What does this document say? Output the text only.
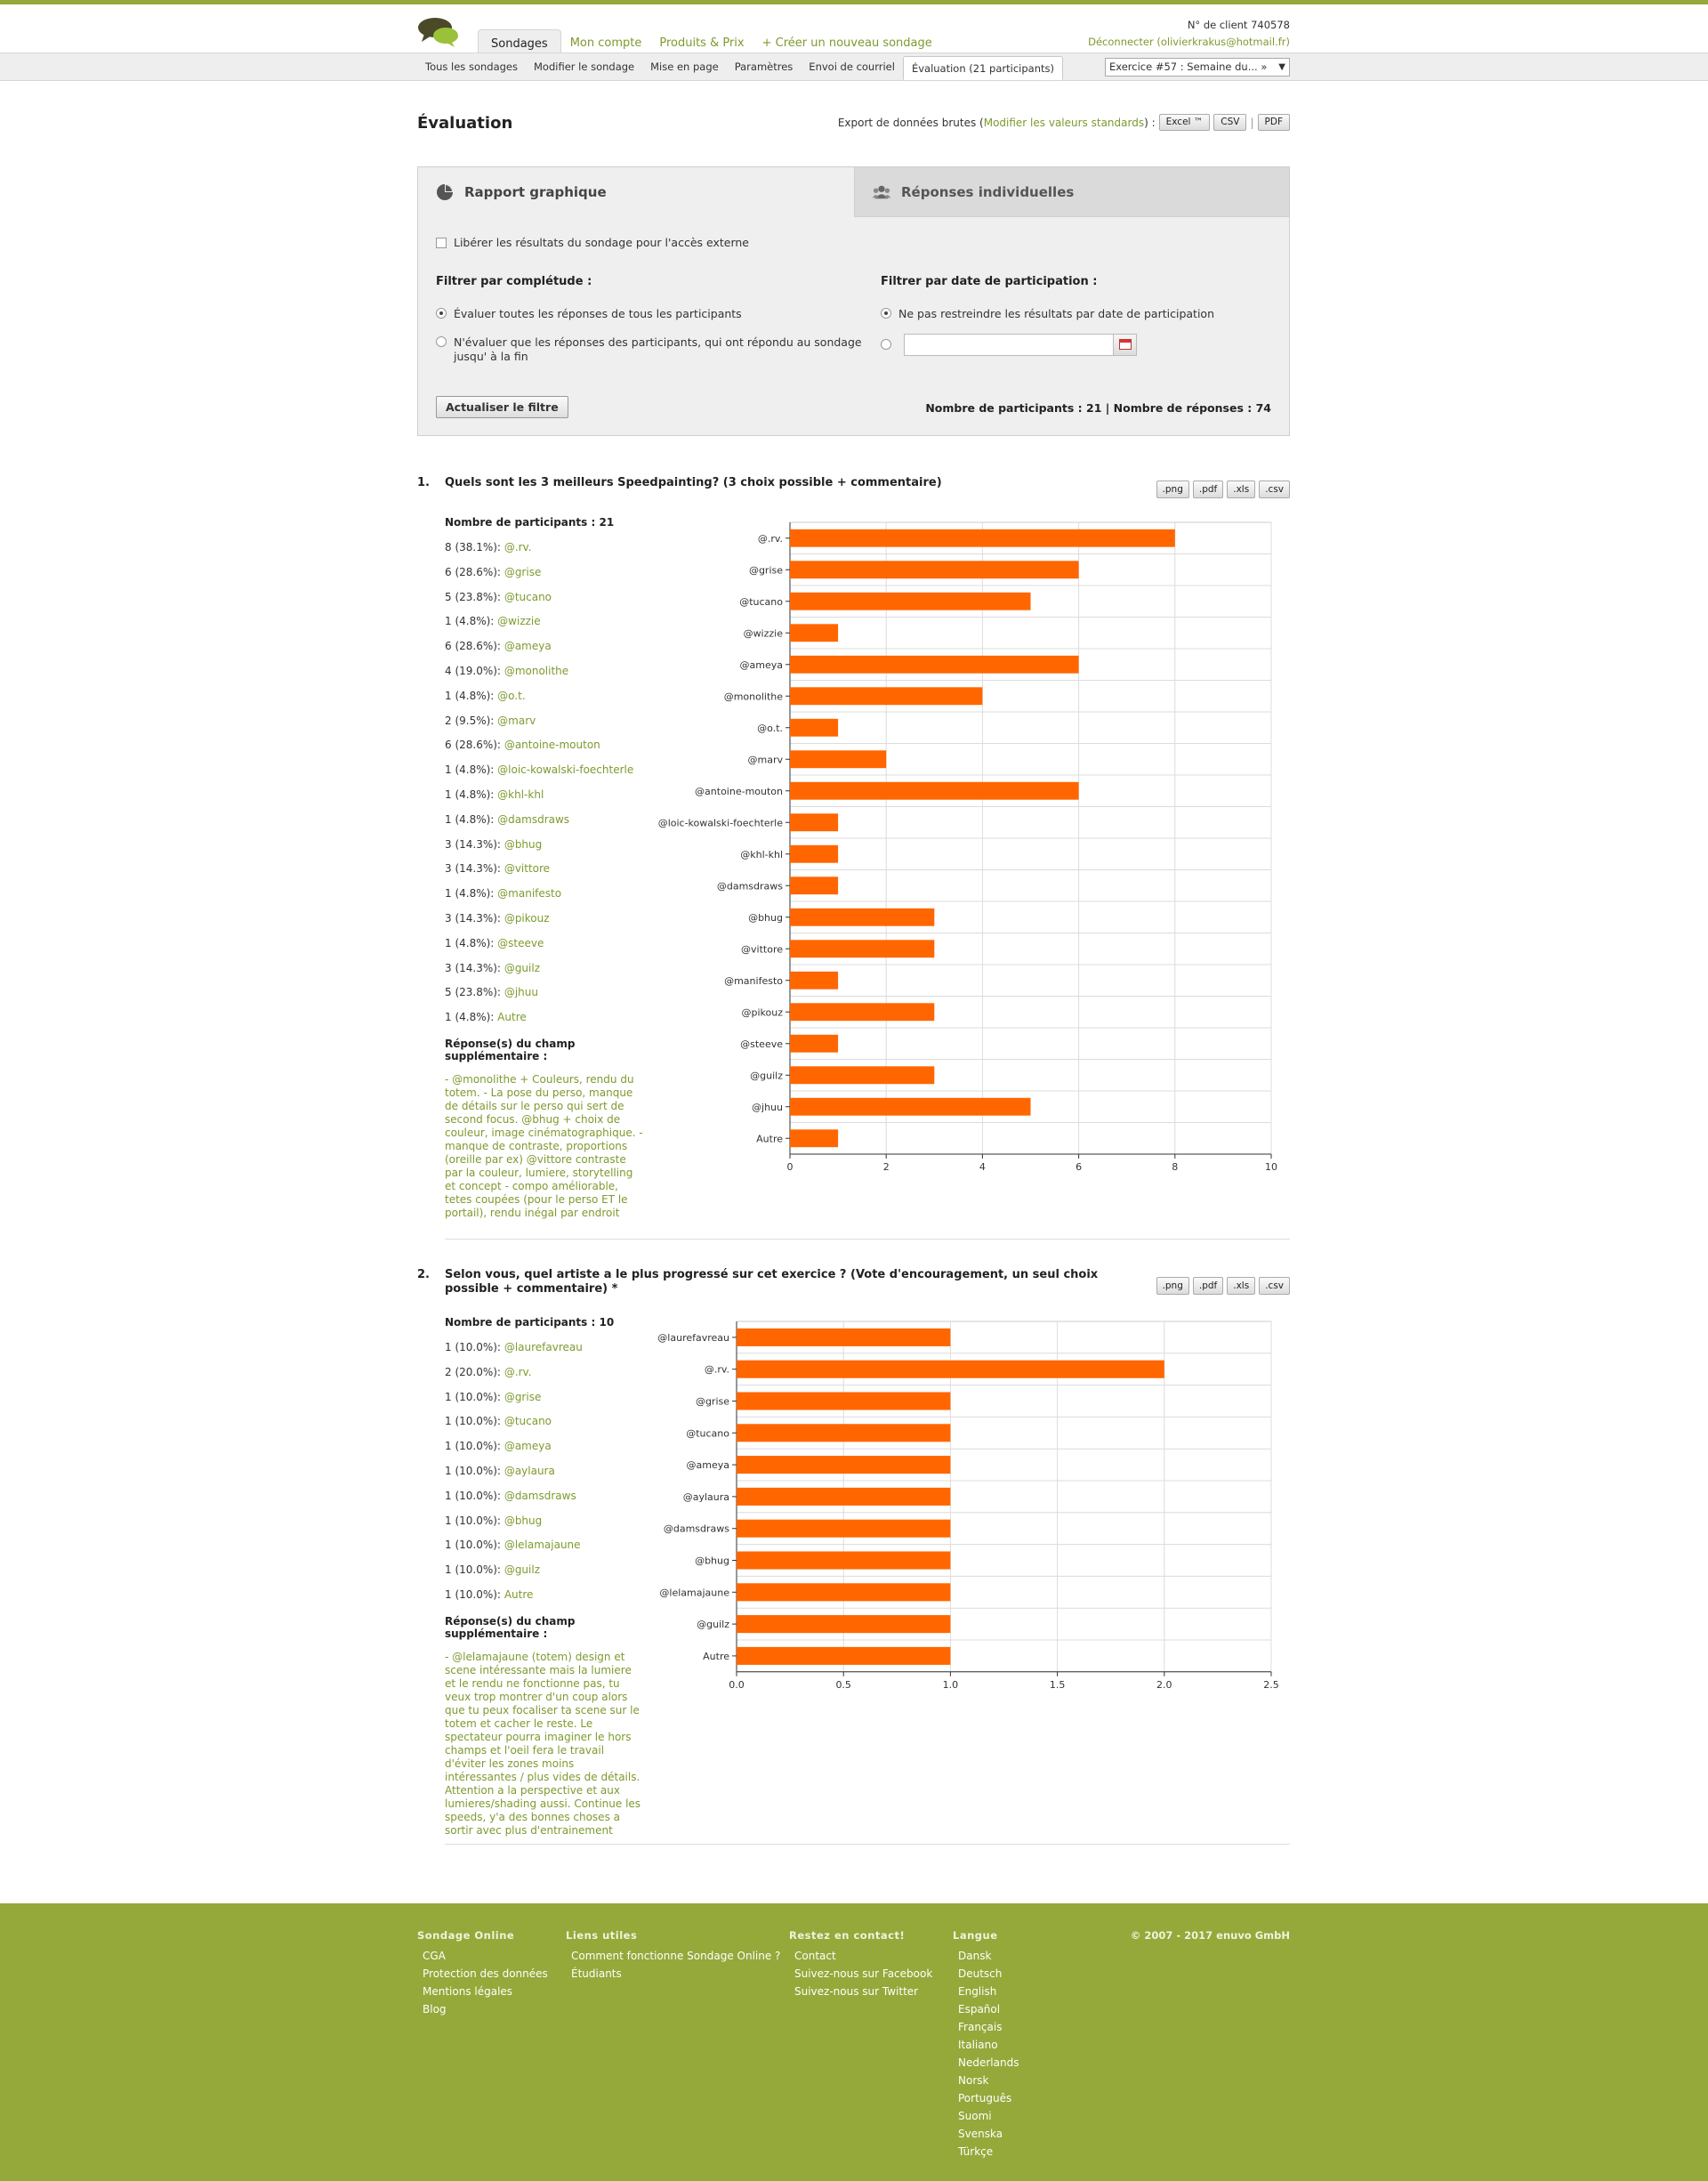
Sondages	Mon compte	Produits & Prix	+ Créer un nouveau sondage
N° de client 740578
Déconnecter (olivierkrakus@hotmail.fr)
Tous les sondages	Modifier le sondage	Mise en page	Paramètres	Envoi de courriel	Évaluation (21 participants)	Exercice #57 : Semaine du... » ▼
Évaluation	Export de données brutes ( Modifier les valeurs standards ) :	Excel ™	CSV	|	PDF
Rapport graphique	Réponses individuelles
Libérer les résultats du sondage pour l'accès externe
Filtrer par complétude :	Filtrer par date de participation :
Évaluer toutes les réponses de tous les participants
N'évaluer que les réponses des participants, qui ont répondu au sondage jusqu' à la fin
Ne pas restreindre les résultats par date de participation
Actualiser le filtre	Nombre de participants : 21 | Nombre de réponses : 74
1. Quels sont les 3 meilleurs Speedpainting? (3 choix possible + commentaire)	.png	.pdf	.xls	.csv
Nombre de participants : 21
8 (38.1%): @.rv.
6 (28.6%): @grise
5 (23.8%): @tucano
1 (4.8%): @wizzie
6 (28.6%): @ameya
4 (19.0%): @monolithe
1 (4.8%): @o.t.
2 (9.5%): @marv
6 (28.6%): @antoine-mouton
1 (4.8%): @loic-kowalski-foechterle
1 (4.8%): @khl-khl
1 (4.8%): @damsdraws
3 (14.3%): @bhug
3 (14.3%): @vittore
1 (4.8%): @manifesto
3 (14.3%): @pikouz
1 (4.8%): @steeve
3 (14.3%): @guilz
5 (23.8%): @jhuu
1 (4.8%): Autre
Réponse(s) du champ supplémentaire :
- @monolithe + Couleurs, rendu du totem. - La pose du perso, manque de détails sur le perso qui sert de second focus. @bhug + choix de couleur, image cinématographique. - manque de contraste, proportions (oreille par ex) @vittore contraste par la couleur, lumiere, storytelling et concept - compo améliorable, tetes coupées (pour le perso ET le portail), rendu inégal par endroit
0	2	4	6	8	10
@.rv.
@grise
@tucano
@wizzie
@ameya
@monolithe
@o.t.
@marv
@antoine-mouton
@loic-kowalski-foechterle
@khl-khl
@damsdraws
@bhug
@vittore
@manifesto
@pikouz
@steeve
@guilz
@jhuu
Autre
2. Selon vous, quel artiste a le plus progressé sur cet exercice ? (Vote d'encouragement, un seul choix possible + commentaire) *	.png	.pdf	.xls	.csv
Nombre de participants : 10
1 (10.0%): @laurefavreau
2 (20.0%): @.rv.
1 (10.0%): @grise
1 (10.0%): @tucano
1 (10.0%): @ameya
1 (10.0%): @aylaura
1 (10.0%): @damsdraws
1 (10.0%): @bhug
1 (10.0%): @lelamajaune
1 (10.0%): @guilz
1 (10.0%): Autre
Réponse(s) du champ supplémentaire :
- @lelamajaune (totem) design et scene intéressante mais la lumiere et le rendu ne fonctionne pas, tu veux trop montrer d'un coup alors que tu peux focaliser ta scene sur le totem et cacher le reste. Le spectateur pourra imaginer le hors champs et l'oeil fera le travail d'éviter les zones moins intéressantes / plus vides de détails. Attention a la perspective et aux lumieres/shading aussi. Continue les speeds, y'a des bonnes choses a sortir avec plus d'entrainement
0.0	0.5	1.0	1.5	2.0	2.5
@laurefavreau
@.rv.
@grise
@tucano
@ameya
@aylaura
@damsdraws
@bhug
@lelamajaune
@guilz
Autre
Sondage Online
CGA
Protection des données
Mentions légales
Blog
Liens utiles
Comment fonctionne Sondage Online ?
Étudiants
Restez en contact!
Contact
Suivez-nous sur Facebook
Suivez-nous sur Twitter
Langue
Dansk
Deutsch
English
Español
Français
Italiano
Nederlands
Norsk
Português
Suomi
Svenska
Türkçe
© 2007 - 2017 enuvo GmbH
